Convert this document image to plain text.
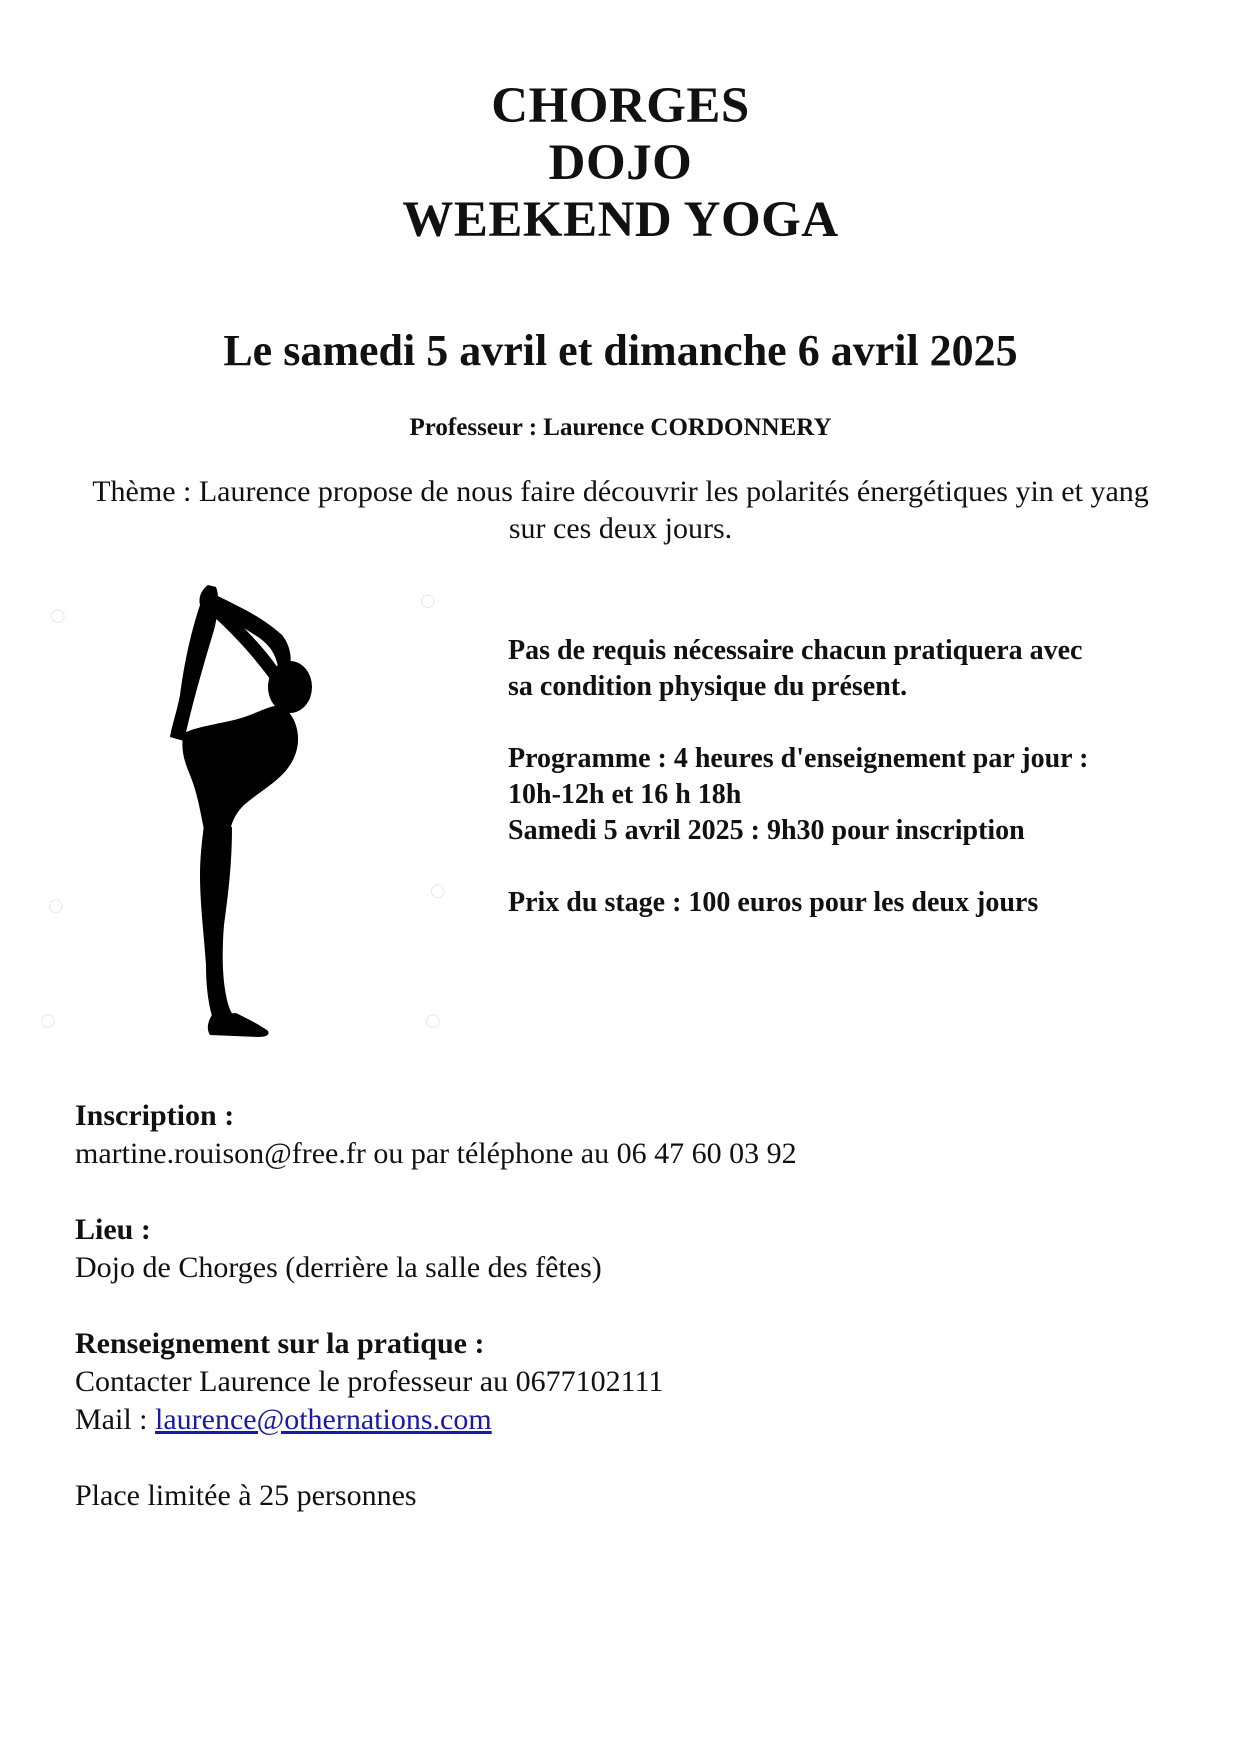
CHORGES
DOJO
WEEKEND YOGA
Le samedi 5 avril et dimanche 6 avril 2025
Professeur : Laurence CORDONNERY
Thème : Laurence propose de nous faire découvrir les polarités énergétiques yin et yang sur ces deux jours.
○
○
○
○
○	○

Pas de requis nécessaire chacun pratiquera avec

sa condition physique du présent.

Programme : 4 heures d'enseignement par jour :

10h-12h et 16 h 18h

Samedi 5 avril 2025 : 9h30 pour inscription

Prix du stage : 100 euros pour les deux jours

Inscription :

martine.rouison@free.fr ou par téléphone au 06 47 60 03 92

Lieu :

Dojo de Chorges (derrière la salle des fêtes)

Renseignement sur la pratique :

Contacter Laurence le professeur au 0677102111

Mail : laurence@othernations.com

Place limitée à 25 personnes
